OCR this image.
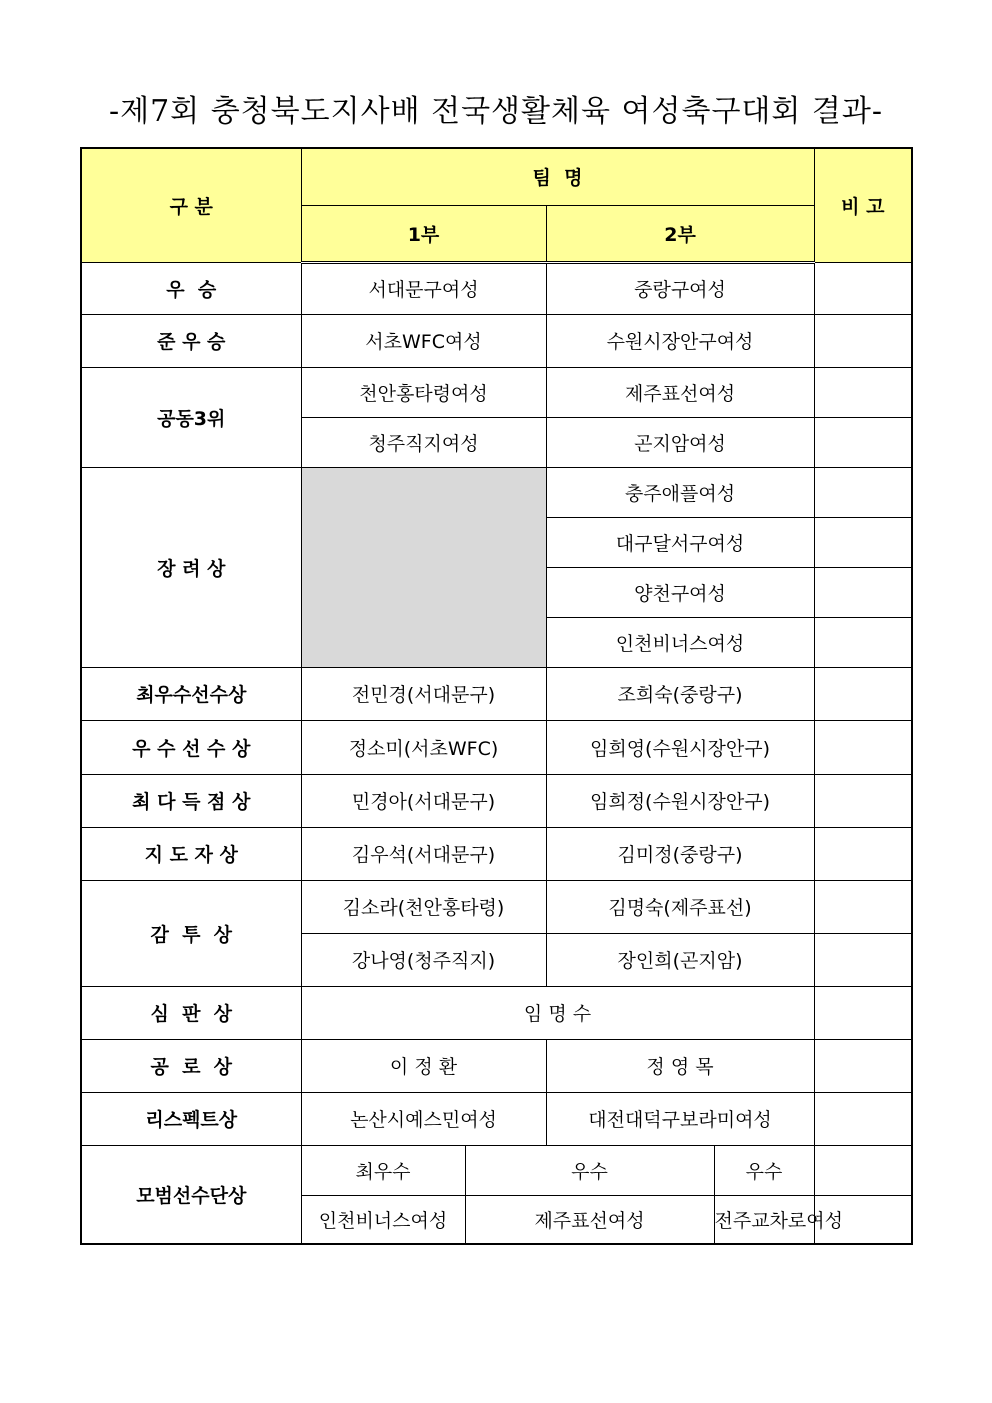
-제7회 충청북도지사배 전국생활체육 여성축구대회 결과-
구 분	팀  명				비 고
	1부		2부		
우  승	서대문구여성		중랑구여성		
준 우 승	서초WFC여성		수원시장안구여성		
공동3위	천안홍타령여성		제주표선여성		
	청주직지여성		곤지암여성		
장 려 상			충주애플여성		
			대구달서구여성		
			양천구여성		
			인천비너스여성		
최우수선수상	전민경(서대문구)		조희숙(중랑구)		
우 수 선 수 상	정소미(서초WFC)		임희영(수원시장안구)		
최 다 득 점 상	민경아(서대문구)		임희정(수원시장안구)		
지 도 자 상	김우석(서대문구)		김미정(중랑구)		
감  투  상	김소라(천안홍타령)		김명숙(제주표선)		
	강나영(청주직지)		장인희(곤지암)		
심  판  상	임 명 수				
공  로  상	이 정 환		정 영 목		
리스펙트상	논산시예스민여성		대전대덕구보라미여성		
모범선수단상	최우수	우수		우수	
	인천비너스여성	제주표선여성		전주교차로여성	
